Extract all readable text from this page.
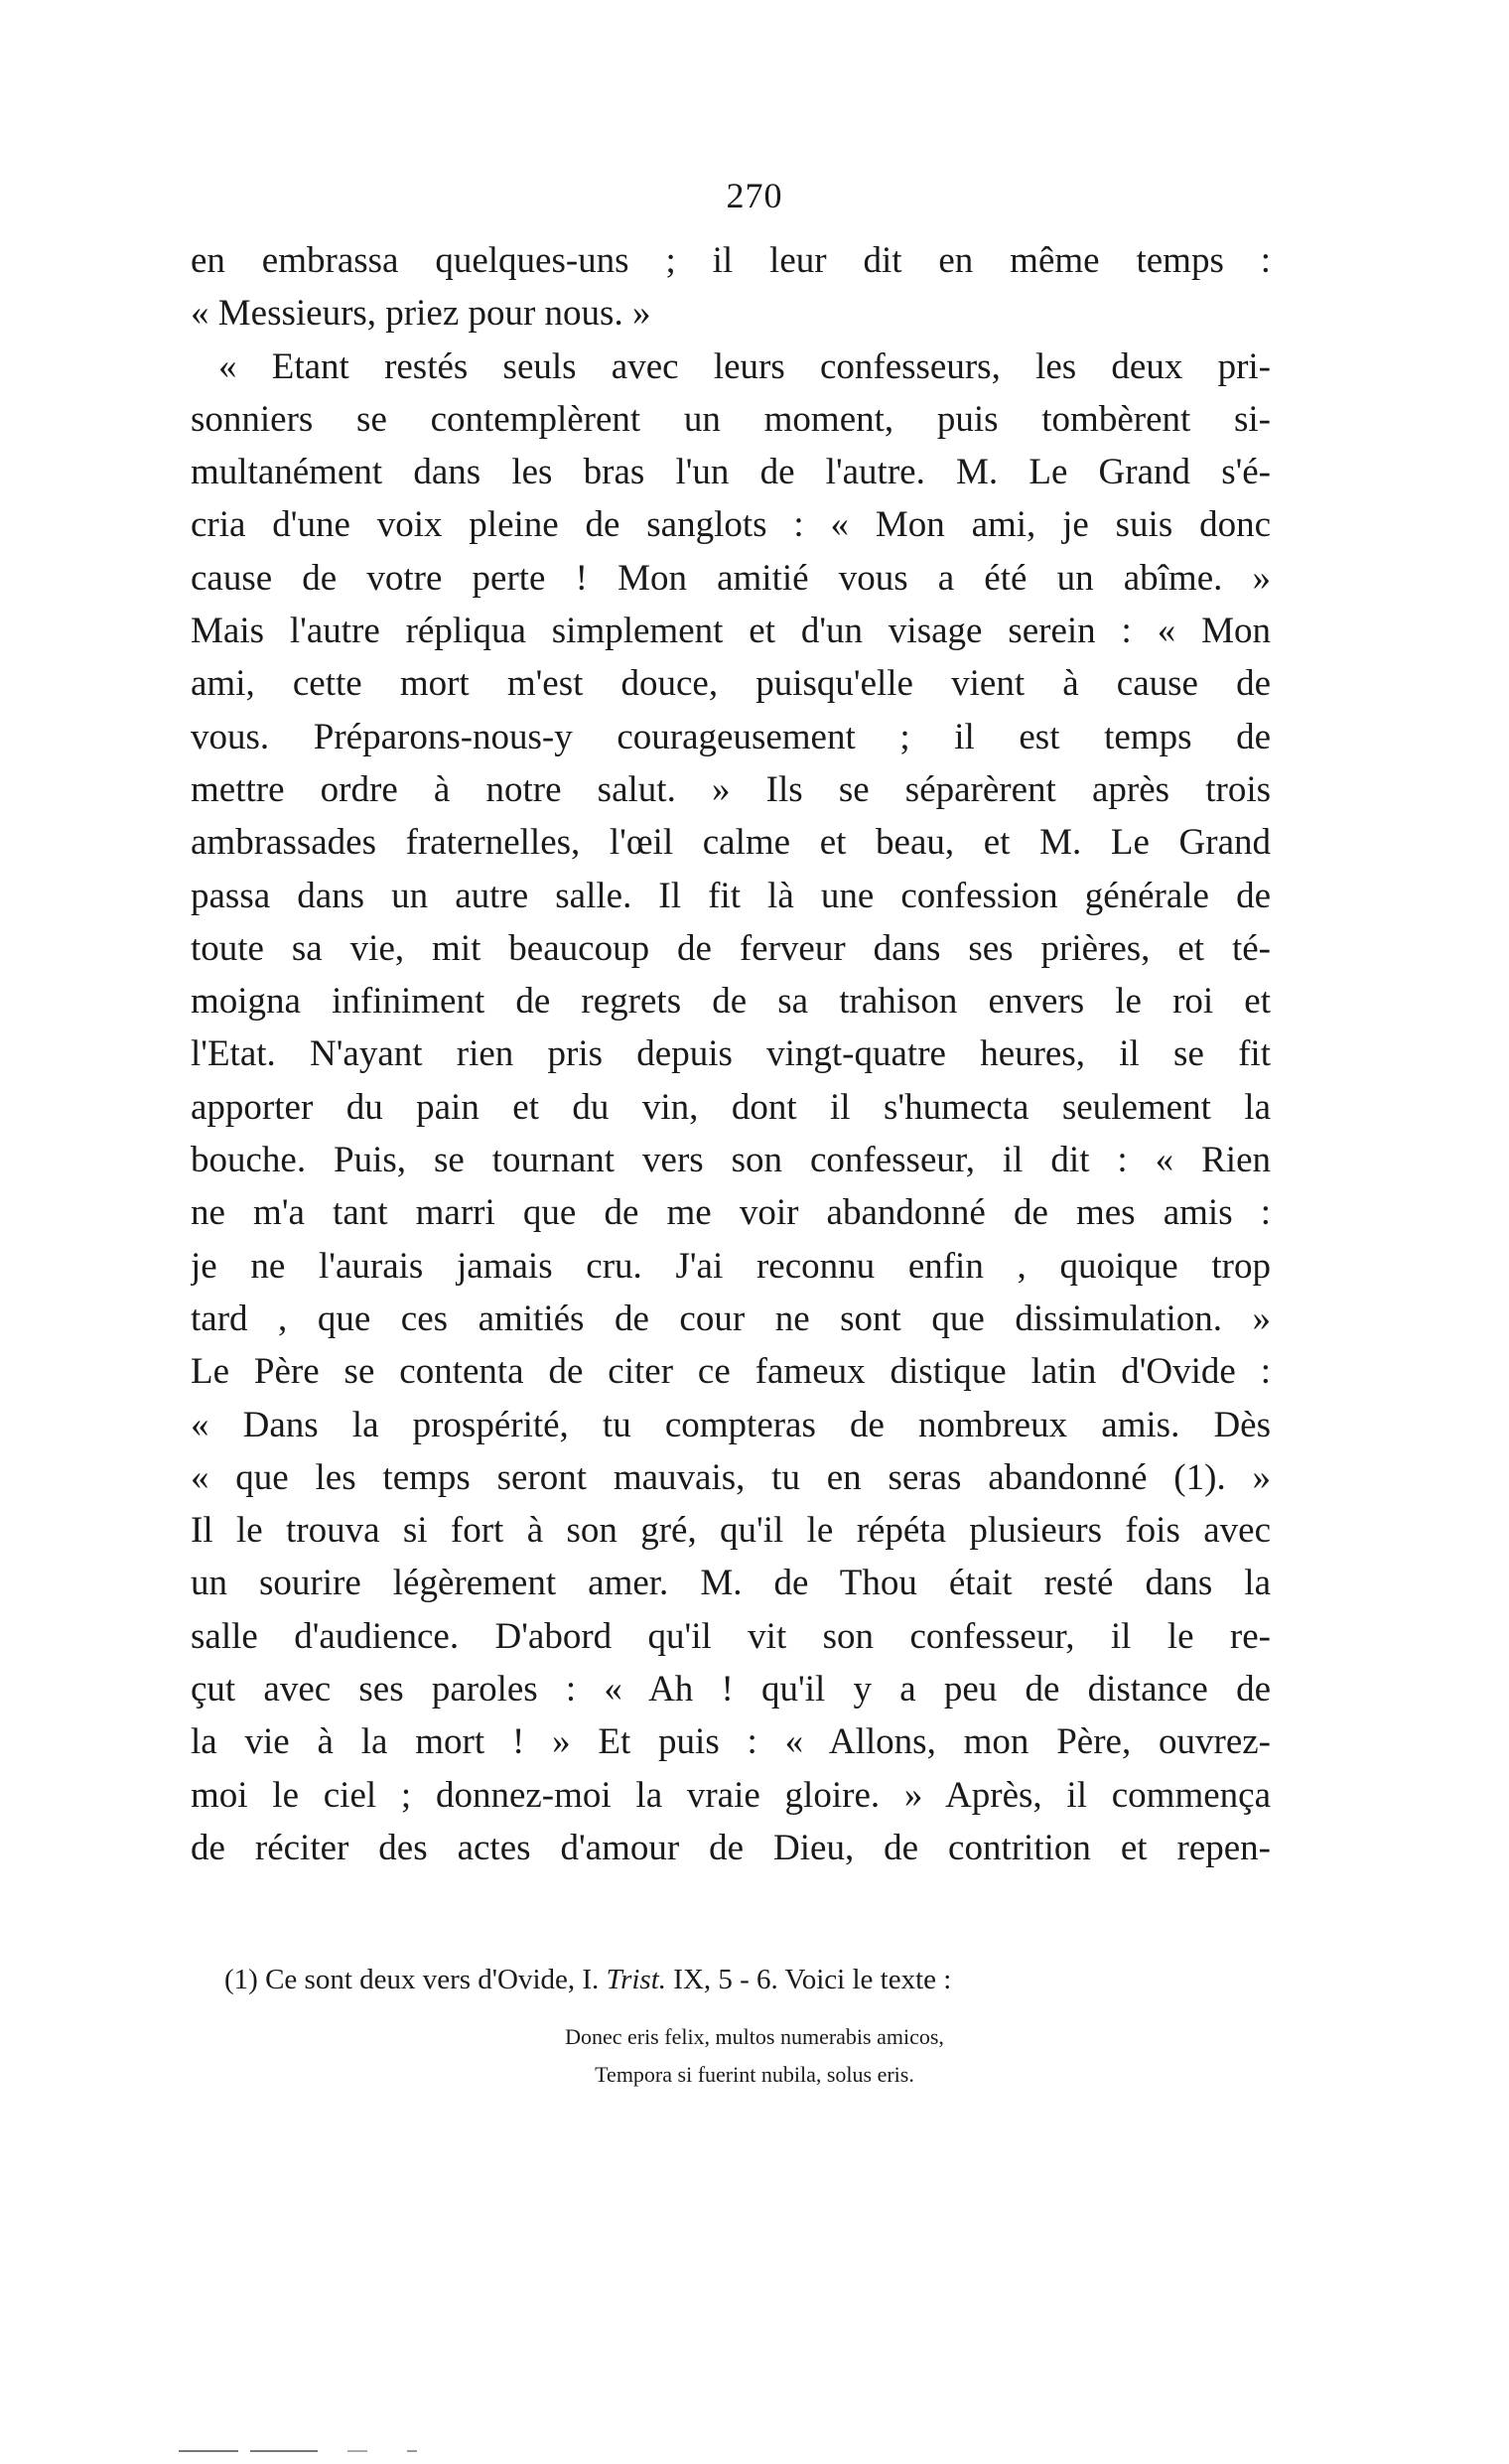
270
en embrassa quelques-uns ; il leur dit en même temps :
« Messieurs, priez pour nous. »
« Etant restés seuls avec leurs confesseurs, les deux pri-
sonniers se contemplèrent un moment, puis tombèrent si-
multanément dans les bras l'un de l'autre. M. Le Grand s'é-
cria d'une voix pleine de sanglots : « Mon ami, je suis donc
cause de votre perte ! Mon amitié vous a été un abîme. »
Mais l'autre répliqua simplement et d'un visage serein : « Mon
ami, cette mort m'est douce, puisqu'elle vient à cause de
vous. Préparons-nous-y courageusement ; il est temps de
mettre ordre à notre salut. » Ils se séparèrent après trois
ambrassades fraternelles, l'œil calme et beau, et M. Le Grand
passa dans un autre salle. Il fit là une confession générale de
toute sa vie, mit beaucoup de ferveur dans ses prières, et té-
moigna infiniment de regrets de sa trahison envers le roi et
l'Etat. N'ayant rien pris depuis vingt-quatre heures, il se fit
apporter du pain et du vin, dont il s'humecta seulement la
bouche. Puis, se tournant vers son confesseur, il dit : « Rien
ne m'a tant marri que de me voir abandonné de mes amis :
je ne l'aurais jamais cru. J'ai reconnu enfin , quoique trop
tard , que ces amitiés de cour ne sont que dissimulation. »
Le Père se contenta de citer ce fameux distique latin d'Ovide :
« Dans la prospérité, tu compteras de nombreux amis. Dès
« que les temps seront mauvais, tu en seras abandonné (1). »
Il le trouva si fort à son gré, qu'il le répéta plusieurs fois avec
un sourire légèrement amer. M. de Thou était resté dans la
salle d'audience. D'abord qu'il vit son confesseur, il le re-
çut avec ses paroles : « Ah ! qu'il y a peu de distance de
la vie à la mort ! » Et puis : « Allons, mon Père, ouvrez-
moi le ciel ; donnez-moi la vraie gloire. » Après, il commença
de réciter des actes d'amour de Dieu, de contrition et repen-
(1) Ce sont deux vers d'Ovide, I. Trist. IX, 5 - 6. Voici le texte :
Donec eris felix, multos numerabis amicos,
Tempora si fuerint nubila, solus eris.
